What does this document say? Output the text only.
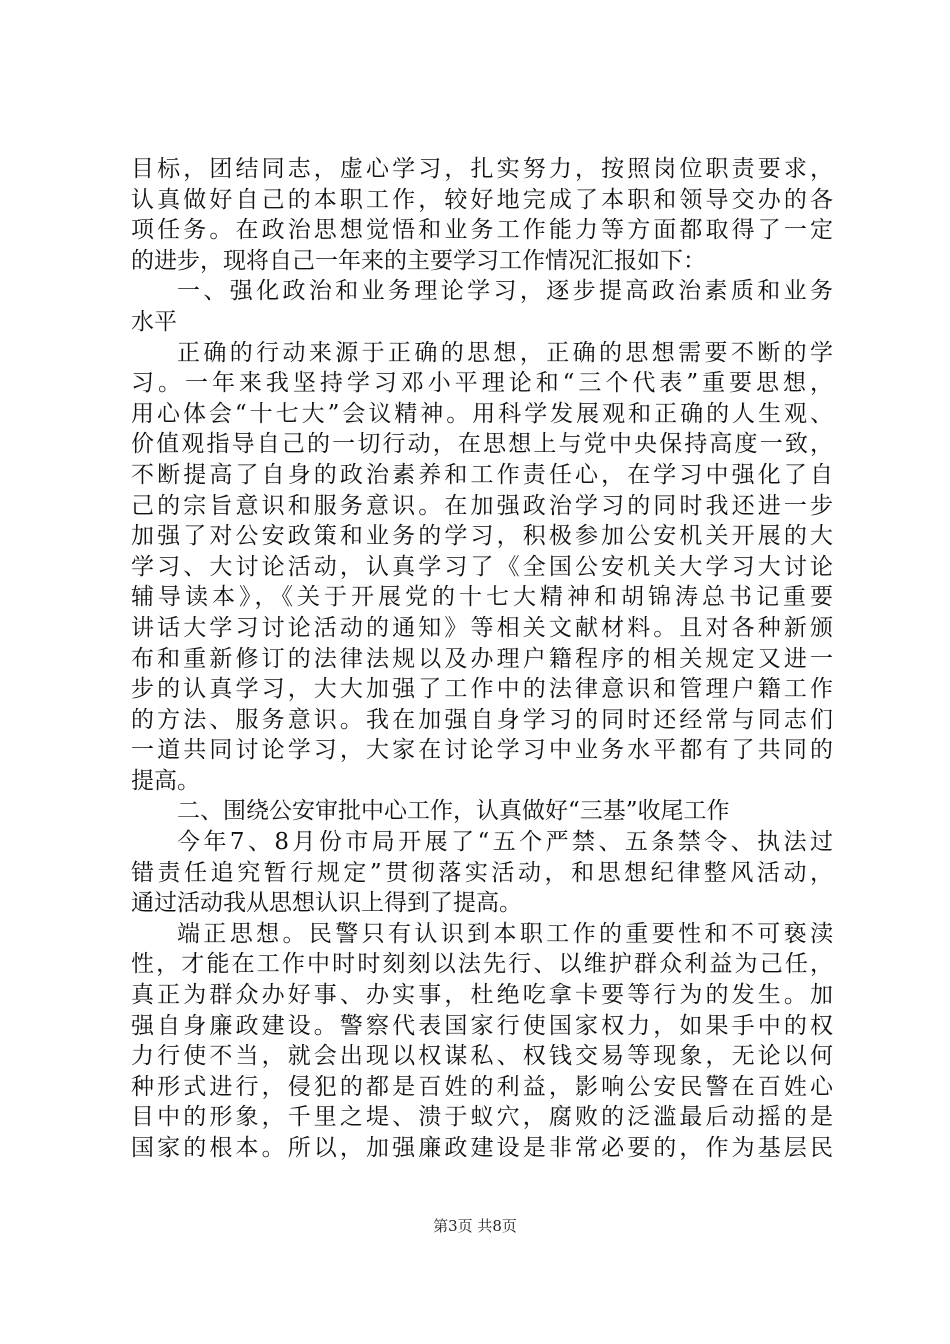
目标，团结同志，虚心学习，扎实努力，按照岗位职责要求，
认真做好自己的本职工作，较好地完成了本职和领导交办的各
项任务。在政治思想觉悟和业务工作能力等方面都取得了一定
的进步，现将自己一年来的主要学习工作情况汇报如下：
一、强化政治和业务理论学习，逐步提高政治素质和业务
水平
正确的行动来源于正确的思想，正确的思想需要不断的学
习。一年来我坚持学习邓小平理论和“三个代表”重要思想，
用心体会“十七大”会议精神。用科学发展观和正确的人生观、
价值观指导自己的一切行动，在思想上与党中央保持高度一致，
不断提高了自身的政治素养和工作责任心，在学习中强化了自
己的宗旨意识和服务意识。在加强政治学习的同时我还进一步
加强了对公安政策和业务的学习，积极参加公安机关开展的大
学习、大讨论活动，认真学习了《全国公安机关大学习大讨论
辅导读本》，《关于开展党的十七大精神和胡锦涛总书记重要
讲话大学习讨论活动的通知》等相关文献材料。且对各种新颁
布和重新修订的法律法规以及办理户籍程序的相关规定又进一
步的认真学习，大大加强了工作中的法律意识和管理户籍工作
的方法、服务意识。我在加强自身学习的同时还经常与同志们
一道共同讨论学习，大家在讨论学习中业务水平都有了共同的
提高。
二、围绕公安审批中心工作，认真做好“三基”收尾工作
今年7、8月份市局开展了“五个严禁、五条禁令、执法过
错责任追究暂行规定”贯彻落实活动，和思想纪律整风活动，
通过活动我从思想认识上得到了提高。
端正思想。民警只有认识到本职工作的重要性和不可亵渎
性，才能在工作中时时刻刻以法先行、以维护群众利益为己任，
真正为群众办好事、办实事，杜绝吃拿卡要等行为的发生。加
强自身廉政建设。警察代表国家行使国家权力，如果手中的权
力行使不当，就会出现以权谋私、权钱交易等现象，无论以何
种形式进行，侵犯的都是百姓的利益，影响公安民警在百姓心
目中的形象，千里之堤、溃于蚁穴，腐败的泛滥最后动摇的是
国家的根本。所以，加强廉政建设是非常必要的，作为基层民
第3页 共8页
